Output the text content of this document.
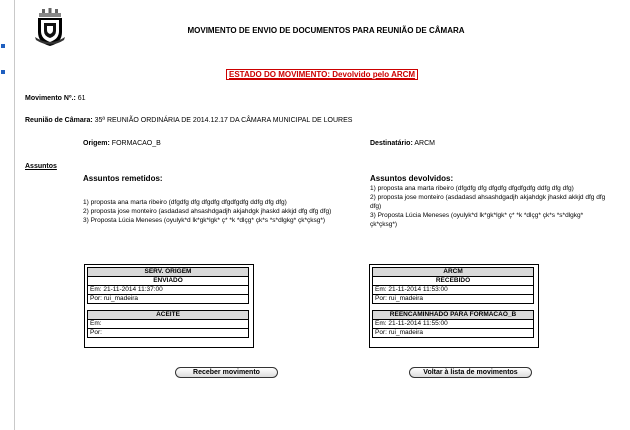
MOVIMENTO DE ENVIO DE DOCUMENTOS PARA REUNIÃO DE CÂMARA
ESTADO DO MOVIMENTO: Devolvido pelo ARCM
Movimento Nº.: 61
Reunião de Câmara: 35ª REUNIÃO ORDINÁRIA DE 2014.12.17 DA CÂMARA MUNICIPAL DE LOURES
Origem: FORMACAO_B	Destinatário: ARCM
Assuntos
Assuntos remetidos:
1) proposta ana marta ribeiro (dfgdfg dfg dfgdfg dfgdfgdfg ddfg dfg dfg)
2) proposta jose monteiro (asdadasd ahsashdgadjh akjahdgk jhaskd akkjd dfg dfg dfg)
3) Proposta Lúcia Meneses (oyulyk*d lk*gk*lgk* ç* *k *dlçg* çk*s *s*dlgkg* çk*çksg*)
Assuntos devolvidos:
1) proposta ana marta ribeiro (dfgdfg dfg dfgdfg dfgdfgdfg ddfg dfg dfg)
2) proposta jose monteiro (asdadasd ahsashdgadjh akjahdgk jhaskd akkjd dfg dfg dfg)
3) Proposta Lúcia Meneses (oyulyk*d lk*gk*lgk* ç* *k *dlçg* çk*s *s*dlgkg* çk*çksg*)
SERV. ORIGEM
ENVIADO
Em: 21-11-2014 11:37:00
Por: rui_madeira
ACEITE
Em:
Por:
ARCM
RECEBIDO
Em: 21-11-2014 11:53:00
Por: rui_madeira
REENCAMINHADO PARA FORMACAO_B
Em: 21-11-2014 11:55:00
Por: rui_madeira
Receber movimento	Voltar à lista de movimentos
